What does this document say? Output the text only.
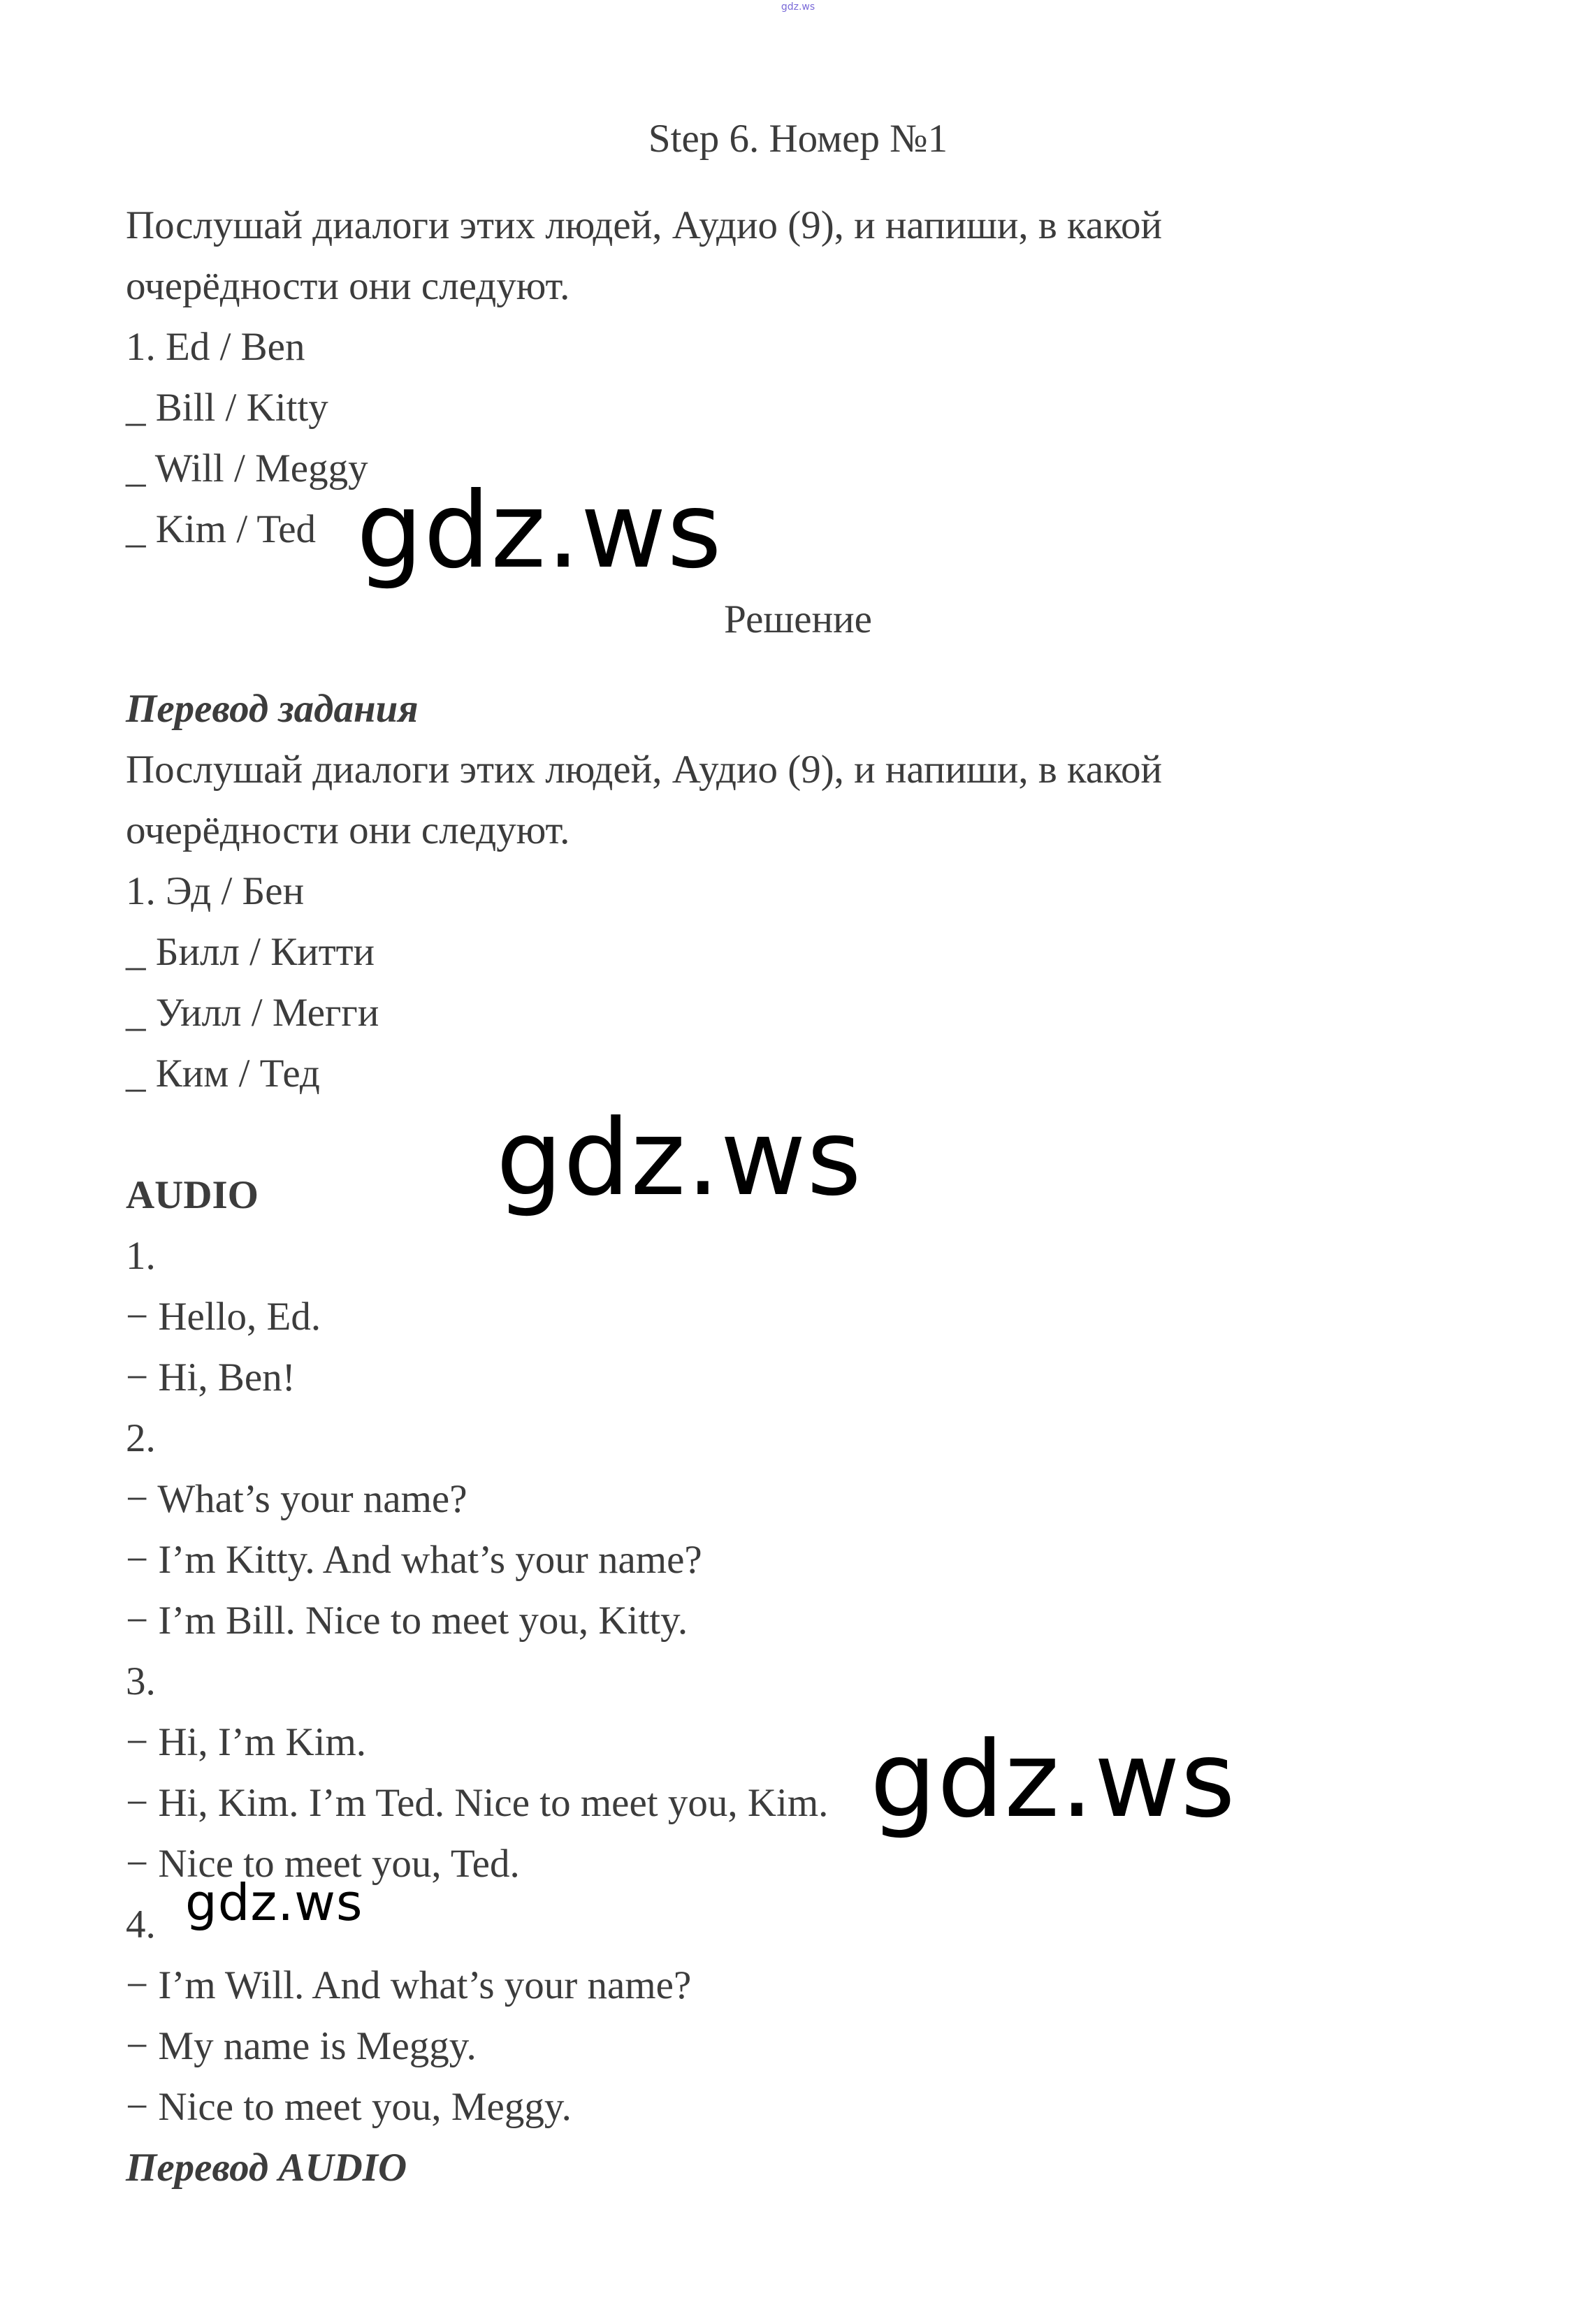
gdz.ws
Step 6. Номер №1
Послушай диалоги этих людей, Аудио (9), и напиши, в какой
очерёдности они следуют.
1. Ed / Ben
_ Bill / Kitty
_ Will / Meggy
_ Kim / Ted gdz.ws
Решение
Перевод задания
Послушай диалоги этих людей, Аудио (9), и напиши, в какой
очерёдности они следуют.
1. Эд / Бен
_ Билл / Китти
_ Уилл / Мегги
_ Ким / Тед
gdz.ws
AUDIO
1.
− Hello, Ed.
− Hi, Ben!
2.
− What’s your name?
− I’m Kitty. And what’s your name?
− I’m Bill. Nice to meet you, Kitty.
3.
− Hi, I’m Kim.
− Hi, Kim. I’m Ted. Nice to meet you, Kim.
− Nice to meet you, Ted.
4.
− I’m Will. And what’s your name?
− My name is Meggy.
− Nice to meet you, Meggy.
gdz.ws
gdz.ws
Перевод AUDIO
